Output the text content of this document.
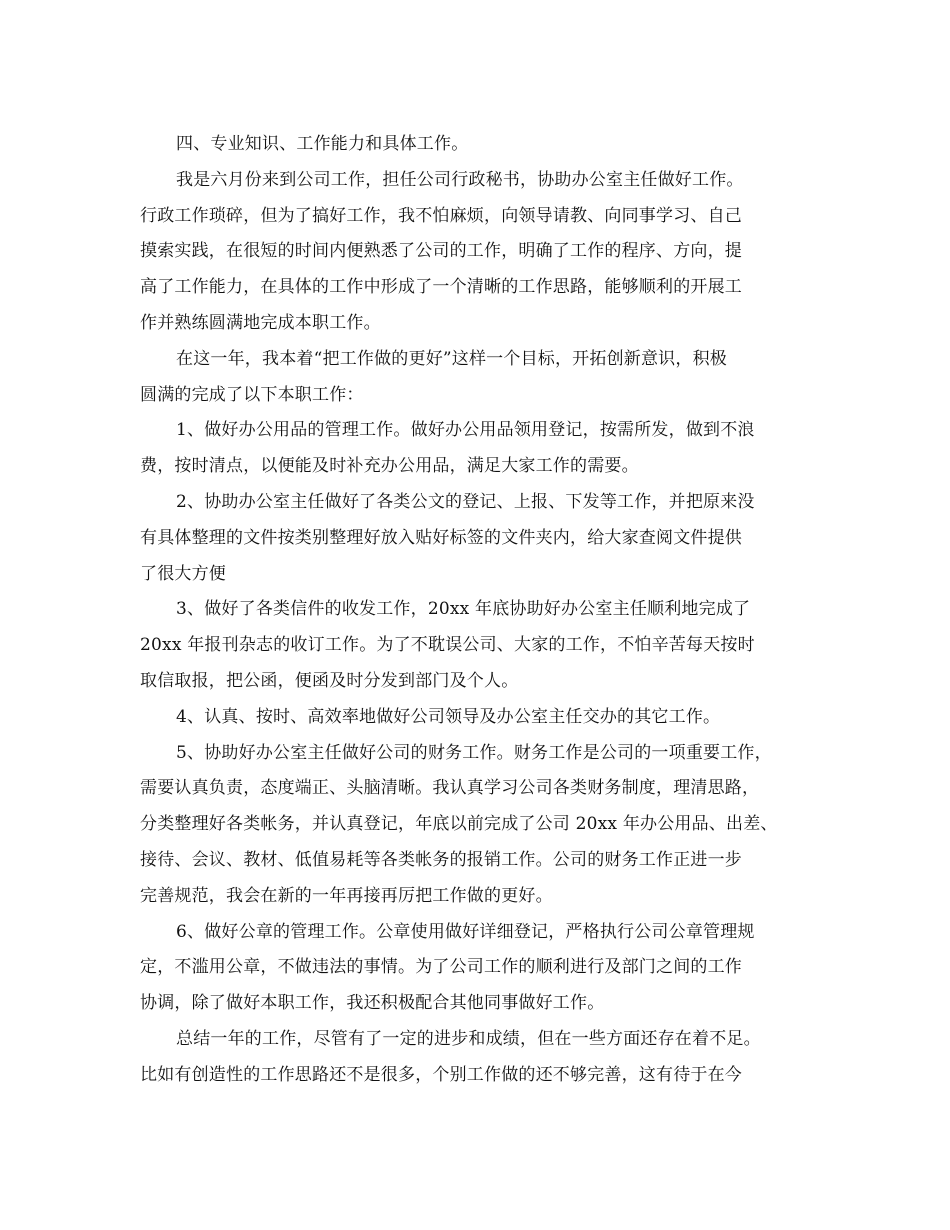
四、专业知识、工作能力和具体工作。
我是六月份来到公司工作，担任公司行政秘书，协助办公室主任做好工作。
行政工作琐碎，但为了搞好工作，我不怕麻烦，向领导请教、向同事学习、自己
摸索实践，在很短的时间内便熟悉了公司的工作，明确了工作的程序、方向，提
高了工作能力，在具体的工作中形成了一个清晰的工作思路，能够顺利的开展工
作并熟练圆满地完成本职工作。
在这一年，我本着“把工作做的更好”这样一个目标，开拓创新意识，积极
圆满的完成了以下本职工作：
1、做好办公用品的管理工作。做好办公用品领用登记，按需所发，做到不浪
费，按时清点，以便能及时补充办公用品，满足大家工作的需要。
2、协助办公室主任做好了各类公文的登记、上报、下发等工作，并把原来没
有具体整理的文件按类别整理好放入贴好标签的文件夹内，给大家查阅文件提供
了很大方便
3、做好了各类信件的收发工作，20xx 年底协助好办公室主任顺利地完成了
20xx 年报刊杂志的收订工作。为了不耽误公司、大家的工作，不怕辛苦每天按时
取信取报，把公函，便函及时分发到部门及个人。
4、认真、按时、高效率地做好公司领导及办公室主任交办的其它工作。
5、协助好办公室主任做好公司的财务工作。财务工作是公司的一项重要工作，
需要认真负责，态度端正、头脑清晰。我认真学习公司各类财务制度，理清思路，
分类整理好各类帐务，并认真登记，年底以前完成了公司 20xx 年办公用品、出差、
接待、会议、教材、低值易耗等各类帐务的报销工作。公司的财务工作正进一步
完善规范，我会在新的一年再接再厉把工作做的更好。
6、做好公章的管理工作。公章使用做好详细登记，严格执行公司公章管理规
定，不滥用公章，不做违法的事情。为了公司工作的顺利进行及部门之间的工作
协调，除了做好本职工作，我还积极配合其他同事做好工作。
总结一年的工作，尽管有了一定的进步和成绩，但在一些方面还存在着不足。
比如有创造性的工作思路还不是很多，个别工作做的还不够完善，这有待于在今
